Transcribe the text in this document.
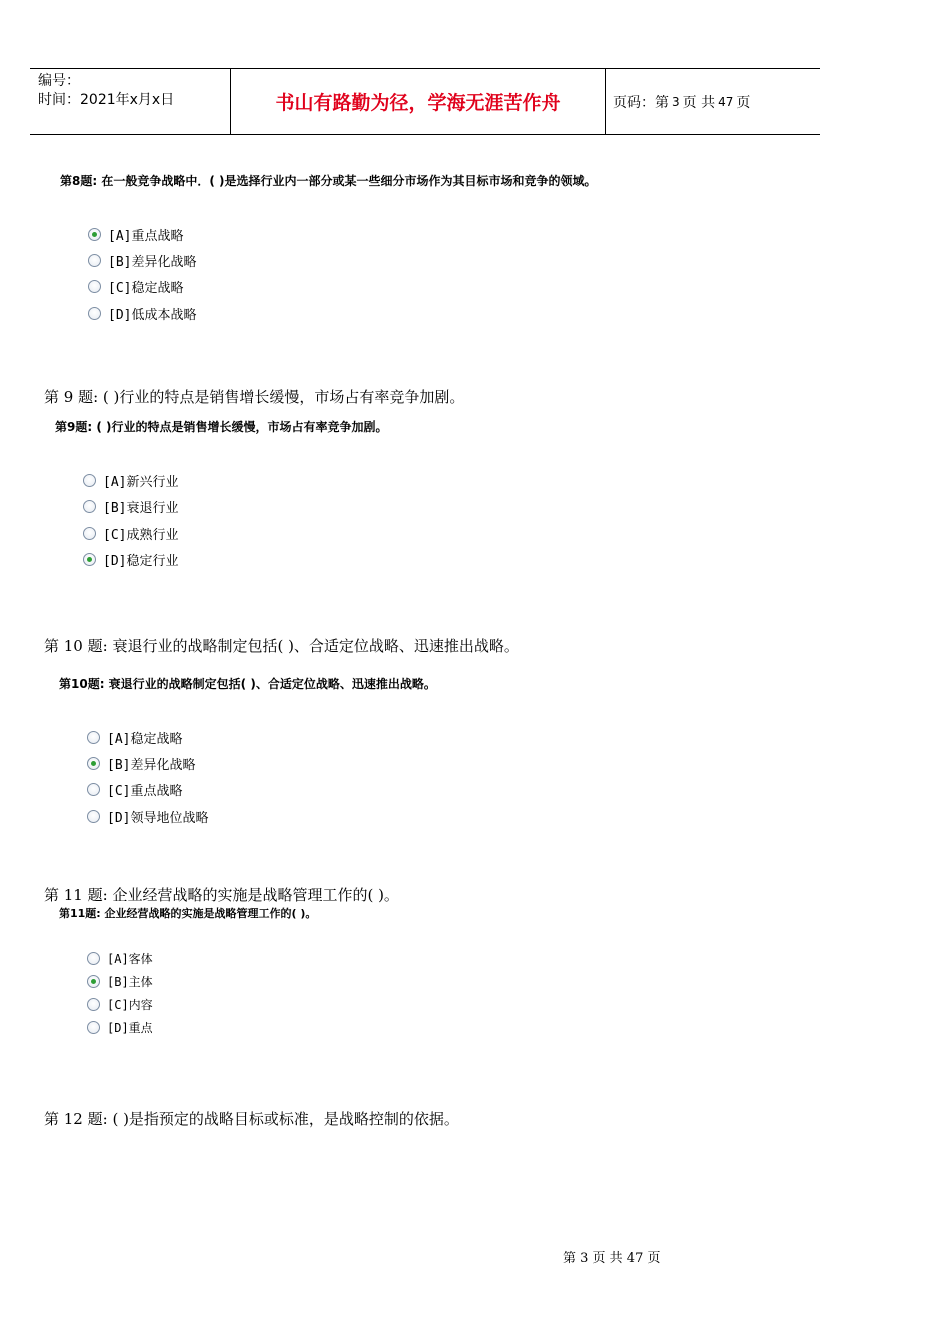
编号：
时间：2021年x月x日	书山有路勤为径，学海无涯苦作舟	页码：第 3 页 共 47 页
第8题: 在一般竞争战略中．( )是选择行业内一部分或某一些细分市场作为其目标市场和竞争的领域。
[A]重点战略
[B]差异化战略
[C]稳定战略
[D]低成本战略
第 9 题: ( )行业的特点是销售增长缓慢，市场占有率竞争加剧。
第9题: ( )行业的特点是销售增长缓慢，市场占有率竞争加剧。
[A]新兴行业
[B]衰退行业
[C]成熟行业
[D]稳定行业
第 10 题: 衰退行业的战略制定包括( )、合适定位战略、迅速推出战略。
第10题: 衰退行业的战略制定包括( )、合适定位战略、迅速推出战略。
[A]稳定战略
[B]差异化战略
[C]重点战略
[D]领导地位战略
第 11 题: 企业经营战略的实施是战略管理工作的( )。
第11题: 企业经营战略的实施是战略管理工作的( )。
[A]客体
[B]主体
[C]内容
[D]重点
第 12 题: ( )是指预定的战略目标或标准，是战略控制的依据。
第 3 页 共 47 页
